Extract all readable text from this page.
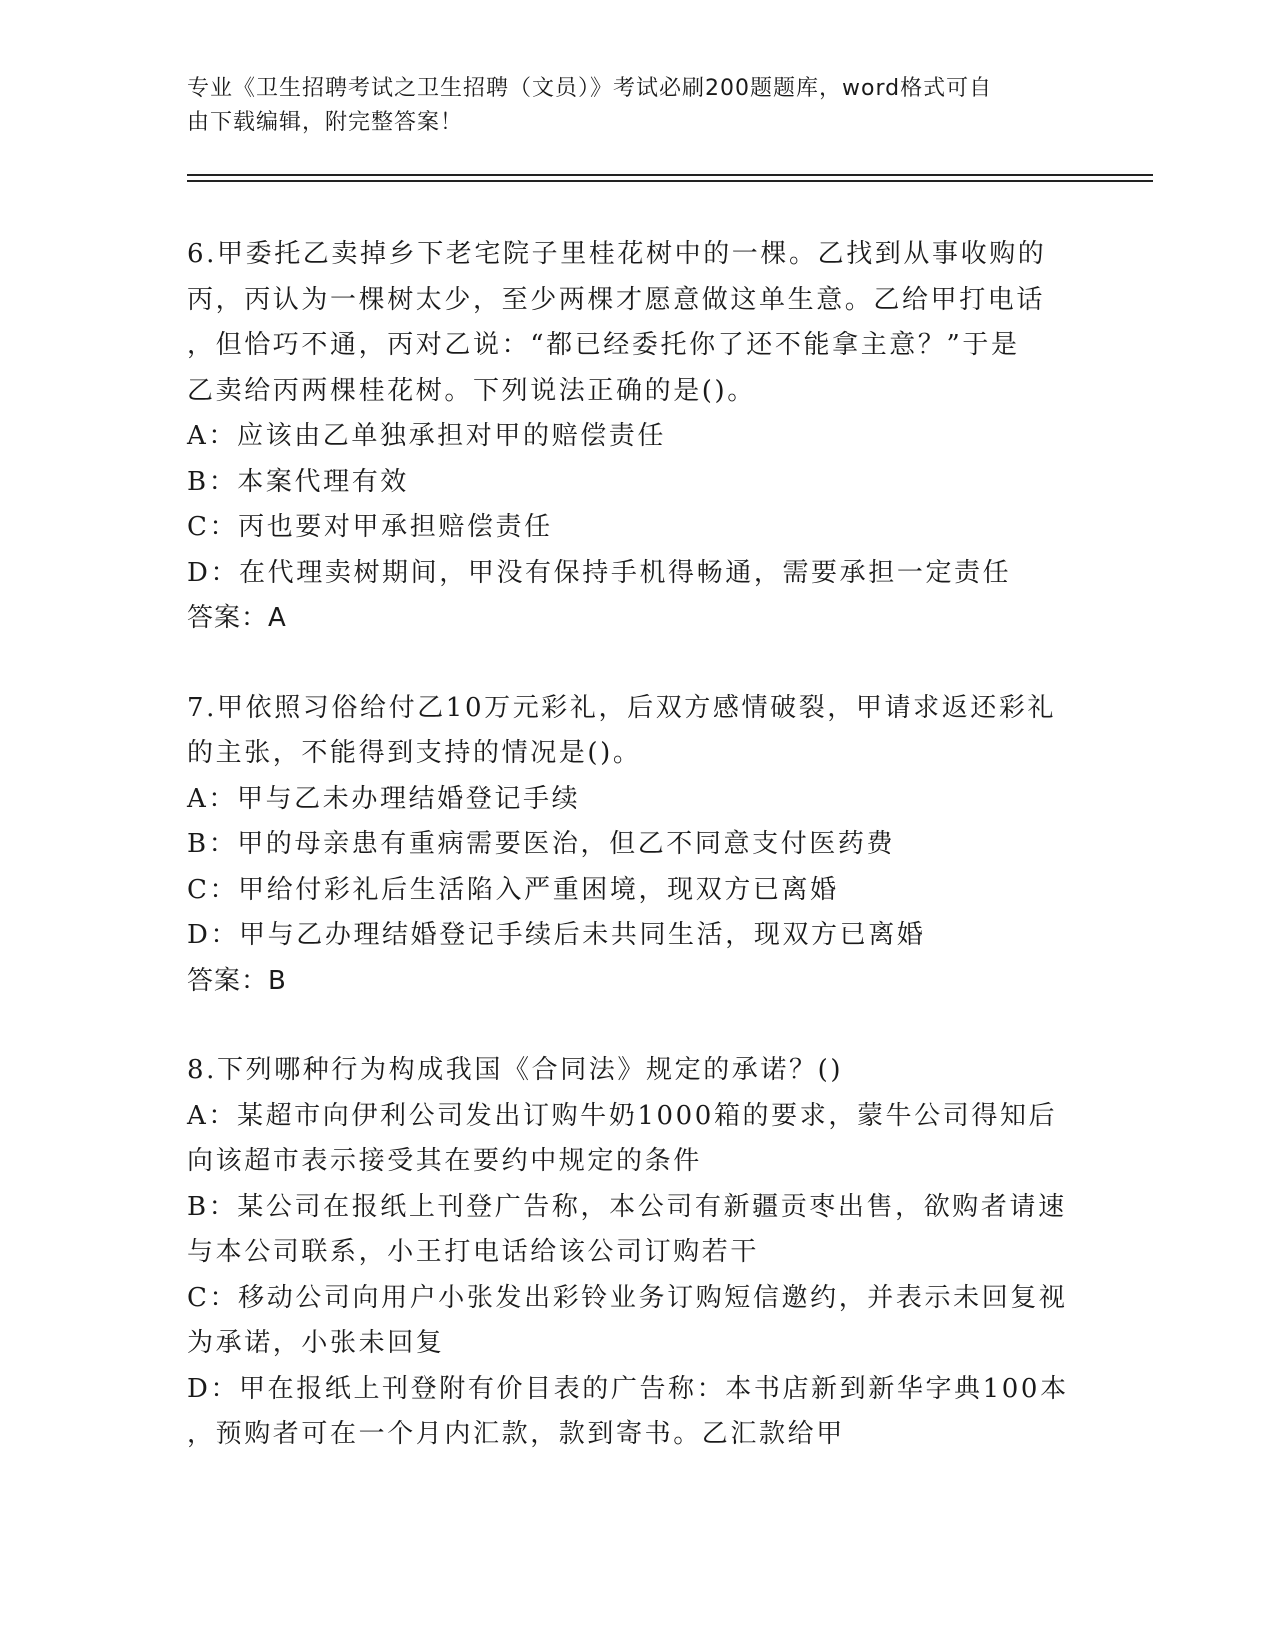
专业《卫生招聘考试之卫生招聘（文员）》考试必刷200题题库，word格式可自
由下载编辑，附完整答案！
6.甲委托乙卖掉乡下老宅院子里桂花树中的一棵。乙找到从事收购的
丙，丙认为一棵树太少，至少两棵才愿意做这单生意。乙给甲打电话
，但恰巧不通，丙对乙说：“都已经委托你了还不能拿主意？”于是
乙卖给丙两棵桂花树。下列说法正确的是()。
A：应该由乙单独承担对甲的赔偿责任
B：本案代理有效
C：丙也要对甲承担赔偿责任
D：在代理卖树期间，甲没有保持手机得畅通，需要承担一定责任
答案：A
7.甲依照习俗给付乙10万元彩礼，后双方感情破裂，甲请求返还彩礼
的主张，不能得到支持的情况是()。
A：甲与乙未办理结婚登记手续
B：甲的母亲患有重病需要医治，但乙不同意支付医药费
C：甲给付彩礼后生活陷入严重困境，现双方已离婚
D：甲与乙办理结婚登记手续后未共同生活，现双方已离婚
答案：B
8.下列哪种行为构成我国《合同法》规定的承诺？()
A：某超市向伊利公司发出订购牛奶1000箱的要求，蒙牛公司得知后
向该超市表示接受其在要约中规定的条件
B：某公司在报纸上刊登广告称，本公司有新疆贡枣出售，欲购者请速
与本公司联系，小王打电话给该公司订购若干
C：移动公司向用户小张发出彩铃业务订购短信邀约，并表示未回复视
为承诺，小张未回复
D：甲在报纸上刊登附有价目表的广告称：本书店新到新华字典100本
，预购者可在一个月内汇款，款到寄书。乙汇款给甲
